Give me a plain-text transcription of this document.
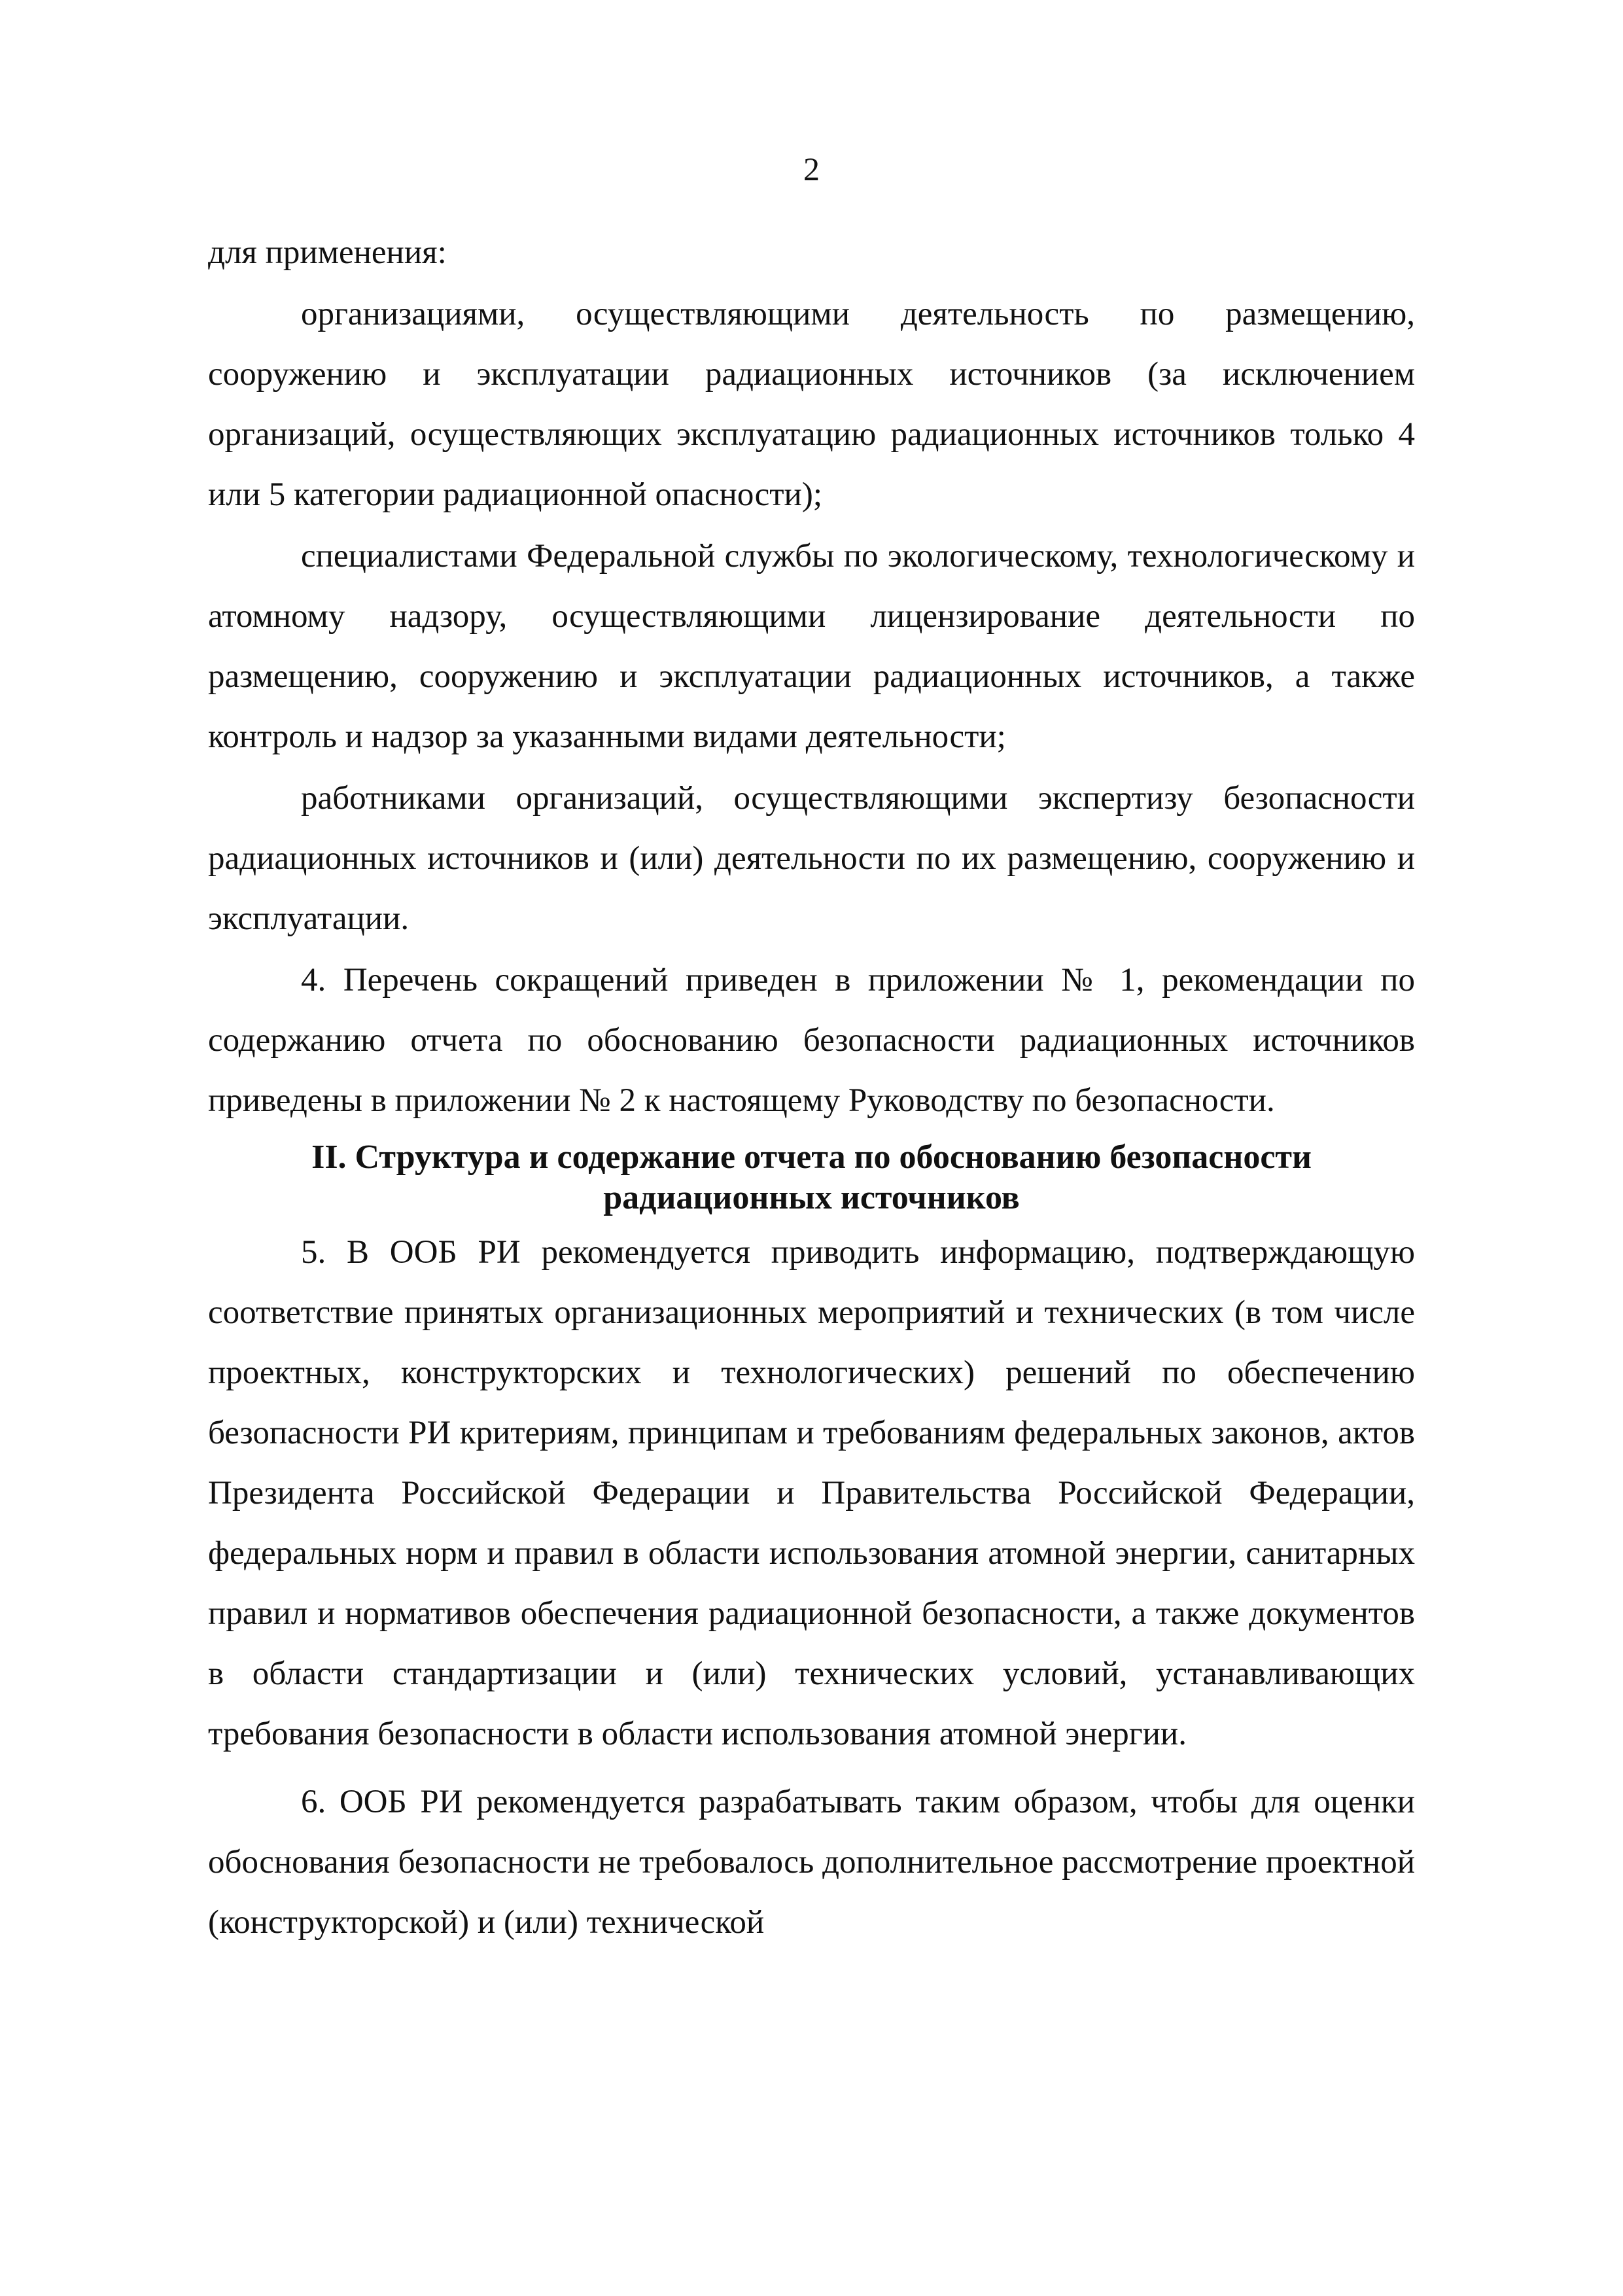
2

для применения:

организациями, осуществляющими деятельность по размещению, сооружению и эксплуатации радиационных источников (за исключением организаций, осуществляющих эксплуатацию радиационных источников только 4 или 5 категории радиационной опасности);

специалистами Федеральной службы по экологическому, технологическому и атомному надзору, осуществляющими лицензирование деятельности по размещению, сооружению и эксплуатации радиационных источников, а также контроль и надзор за указанными видами деятельности;

работниками организаций, осуществляющими экспертизу безопасности радиационных источников и (или) деятельности по их размещению, сооружению и эксплуатации.

4. Перечень сокращений приведен в приложении № 1, рекомендации по содержанию отчета по обоснованию безопасности радиационных источников приведены в приложении № 2 к настоящему Руководству по безопасности.

II. Структура и содержание отчета по обоснованию безопасности
радиационных источников

5. В ООБ РИ рекомендуется приводить информацию, подтверждающую соответствие принятых организационных мероприятий и технических (в том числе проектных, конструкторских и технологических) решений по обеспечению безопасности РИ критериям, принципам и требованиям федеральных законов, актов Президента Российской Федерации и Правительства Российской Федерации, федеральных норм и правил в области использования атомной энергии, санитарных правил и нормативов обеспечения радиационной безопасности, а также документов в области стандартизации и (или) технических условий, устанавливающих требования безопасности в области использования атомной энергии.

6. ООБ РИ рекомендуется разрабатывать таким образом, чтобы для оценки обоснования безопасности не требовалось дополнительное рассмотрение проектной (конструкторской) и (или) технической
